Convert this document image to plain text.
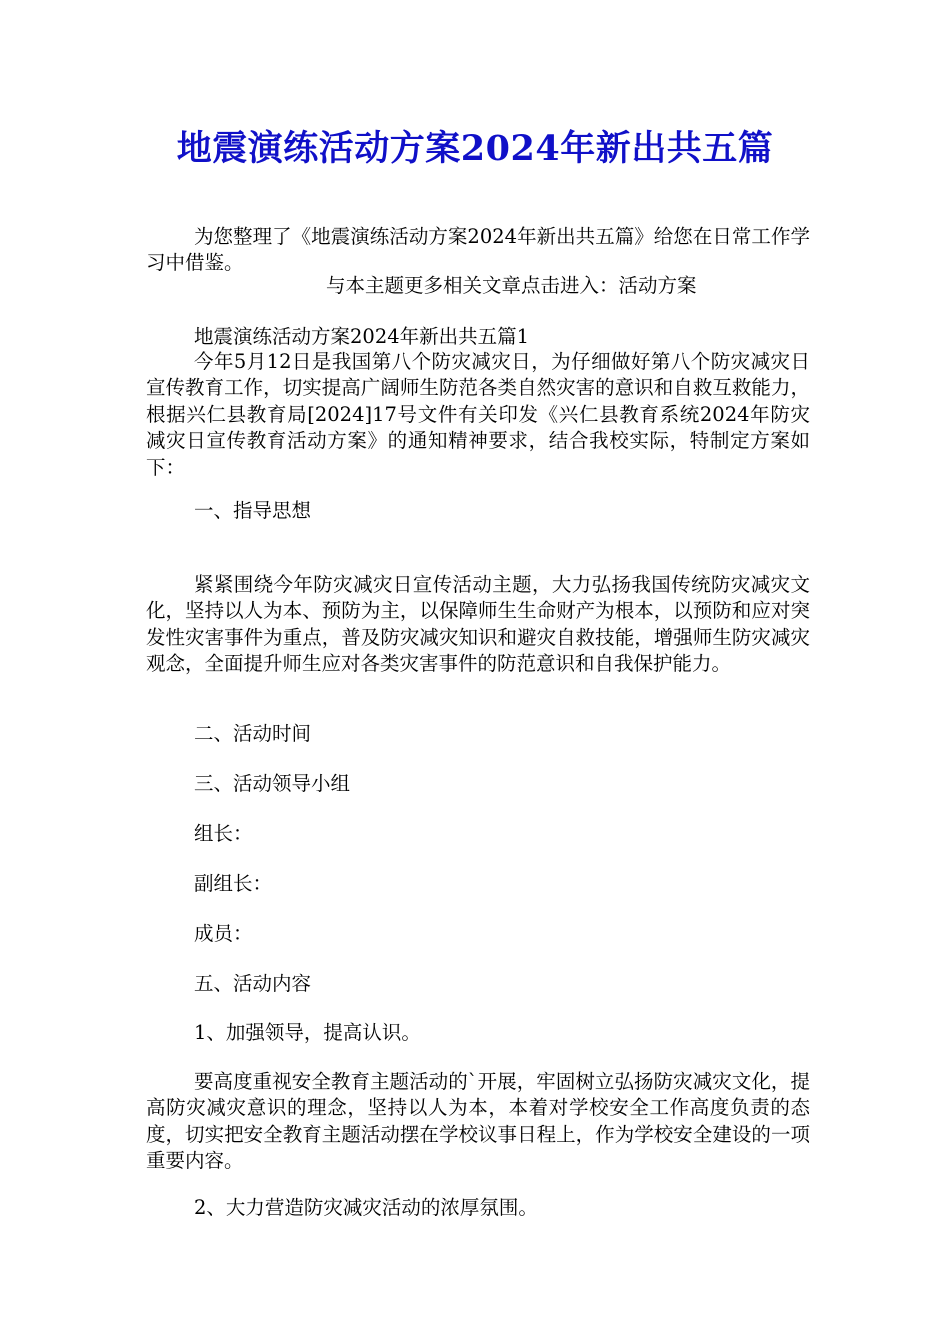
地震演练活动方案2024年新出共五篇

为您整理了《地震演练活动方案2024年新出共五篇》给您在日常工作学习中借鉴。

与本主题更多相关文章点击进入：活动方案

地震演练活动方案2024年新出共五篇1

今年5月12日是我国第八个防灾减灾日，为仔细做好第八个防灾减灾日宣传教育工作，切实提高广阔师生防范各类自然灾害的意识和自救互救能力，根据兴仁县教育局[2024]17号文件有关印发《兴仁县教育系统2024年防灾减灾日宣传教育活动方案》的通知精神要求，结合我校实际，特制定方案如下：

一、指导思想

紧紧围绕今年防灾减灾日宣传活动主题，大力弘扬我国传统防灾减灾文化，坚持以人为本、预防为主，以保障师生生命财产为根本，以预防和应对突发性灾害事件为重点，普及防灾减灾知识和避灾自救技能，增强师生防灾减灾观念，全面提升师生应对各类灾害事件的防范意识和自我保护能力。

二、活动时间

三、活动领导小组

组长：

副组长：

成员：

五、活动内容

1、加强领导，提高认识。

要高度重视安全教育主题活动的`开展，牢固树立弘扬防灾减灾文化，提高防灾减灾意识的理念，坚持以人为本，本着对学校安全工作高度负责的态度，切实把安全教育主题活动摆在学校议事日程上，作为学校安全建设的一项重要内容。

2、大力营造防灾减灾活动的浓厚氛围。
